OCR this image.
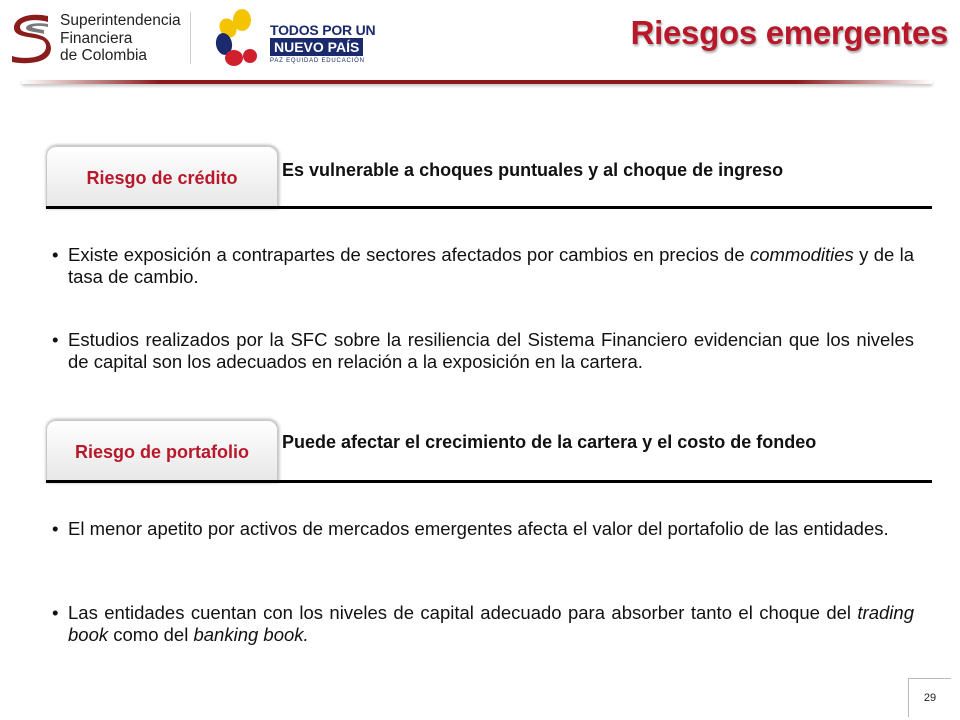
Superintendencia
Financiera
de Colombia
TODOS POR UN
NUEVO PAÍS
PAZ EQUIDAD EDUCACIÓN
Riesgos emergentes
Riesgo de crédito	Es vulnerable a choques puntuales y al choque de ingreso
• Existe exposición a contrapartes de sectores afectados por cambios en precios de commodities y de la tasa de cambio.
• Estudios realizados por la SFC sobre la resiliencia del Sistema Financiero evidencian que los niveles de capital son los adecuados en relación a la exposición en la cartera.
Riesgo de portafolio	Puede afectar el crecimiento de la cartera y el costo de fondeo
• El menor apetito por activos de mercados emergentes afecta el valor del portafolio de las entidades.
• Las entidades cuentan con los niveles de capital adecuado para absorber tanto el choque del trading book como del banking book.
29
